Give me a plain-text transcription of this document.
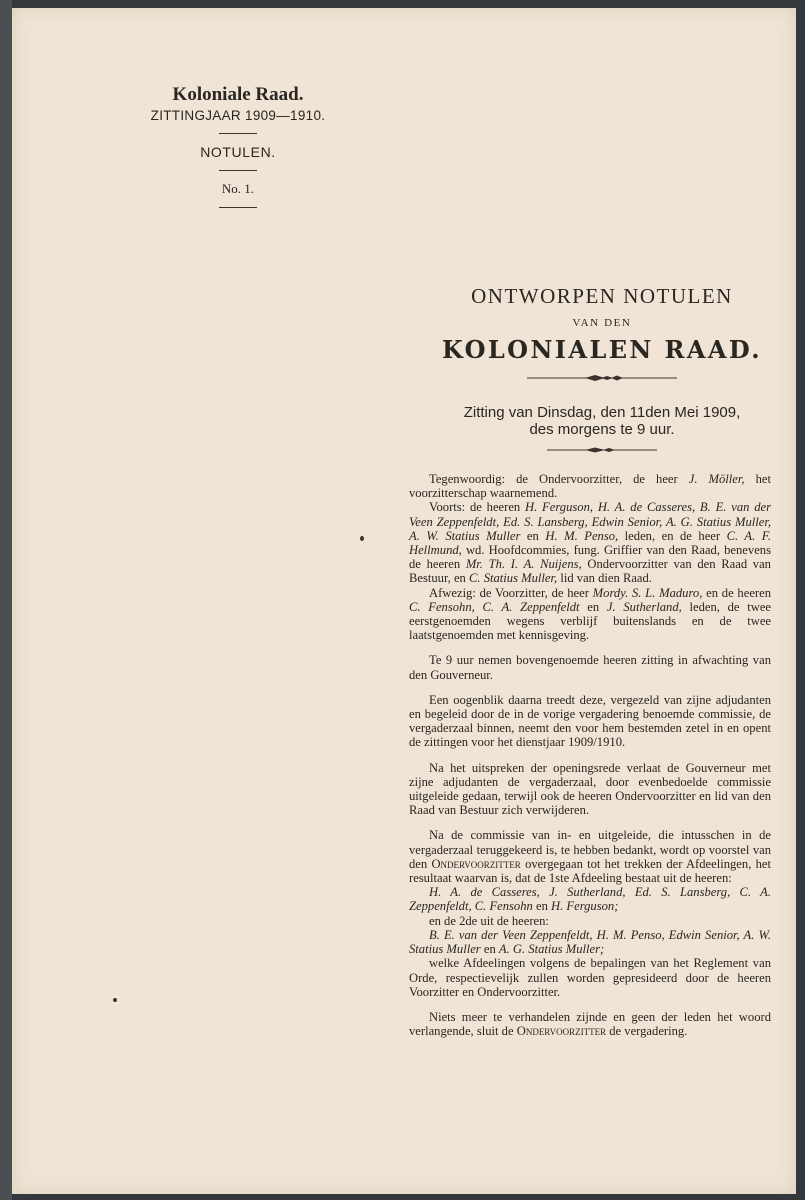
Koloniale Raad.
ZITTINGJAAR 1909—1910.
NOTULEN.
No. 1.
ONTWORPEN NOTULEN
VAN DEN
KOLONIALEN RAAD.
Zitting van Dinsdag, den 11den Mei 1909,
des morgens te 9 uur.

Tegenwoordig: de Ondervoorzitter, de heer J. Möller, het voorzitterschap waarnemend.

Voorts: de heeren H. Ferguson, H. A. de Casseres, B. E. van der Veen Zeppenfeldt, Ed. S. Lansberg, Edwin Senior, A. G. Statius Muller, A. W. Statius Muller en H. M. Penso, leden, en de heer C. A. F. Hellmund, wd. Hoofdcommies, fung. Griffier van den Raad, benevens de heeren Mr. Th. I. A. Nuijens, Ondervoorzitter van den Raad van Bestuur, en C. Statius Muller, lid van dien Raad.

Afwezig: de Voorzitter, de heer Mordy. S. L. Maduro, en de heeren C. Fensohn, C. A. Zeppenfeldt en J. Sutherland, leden, de twee eerstgenoemden wegens verblijf buitenslands en de twee laatstgenoemden met kennisgeving.

Te 9 uur nemen bovengenoemde heeren zitting in afwachting van den Gouverneur.

Een oogenblik daarna treedt deze, vergezeld van zijne adjudanten en begeleid door de in de vorige vergadering benoemde commissie, de vergaderzaal binnen, neemt den voor hem bestemden zetel in en opent de zittingen voor het dienstjaar 1909/1910.

Na het uitspreken der openingsrede verlaat de Gouverneur met zijne adjudanten de vergaderzaal, door evenbedoelde commissie uitgeleide gedaan, terwijl ook de heeren Ondervoorzitter en lid van den Raad van Bestuur zich verwijderen.

Na de commissie van in- en uitgeleide, die intusschen in de vergaderzaal teruggekeerd is, te hebben bedankt, wordt op voorstel van den Ondervoorzitter overgegaan tot het trekken der Afdeelingen, het resultaat waarvan is, dat de 1ste Afdeeling bestaat uit de heeren:

H. A. de Casseres, J. Sutherland, Ed. S. Lansberg, C. A. Zeppenfeldt, C. Fensohn en H. Ferguson;

en de 2de uit de heeren:

B. E. van der Veen Zeppenfeldt, H. M. Penso, Edwin Senior, A. W. Statius Muller en A. G. Statius Muller;

welke Afdeelingen volgens de bepalingen van het Reglement van Orde, respectievelijk zullen worden gepresideerd door de heeren Voorzitter en Ondervoorzitter.

Niets meer te verhandelen zijnde en geen der leden het woord verlangende, sluit de Ondervoorzitter de vergadering.
